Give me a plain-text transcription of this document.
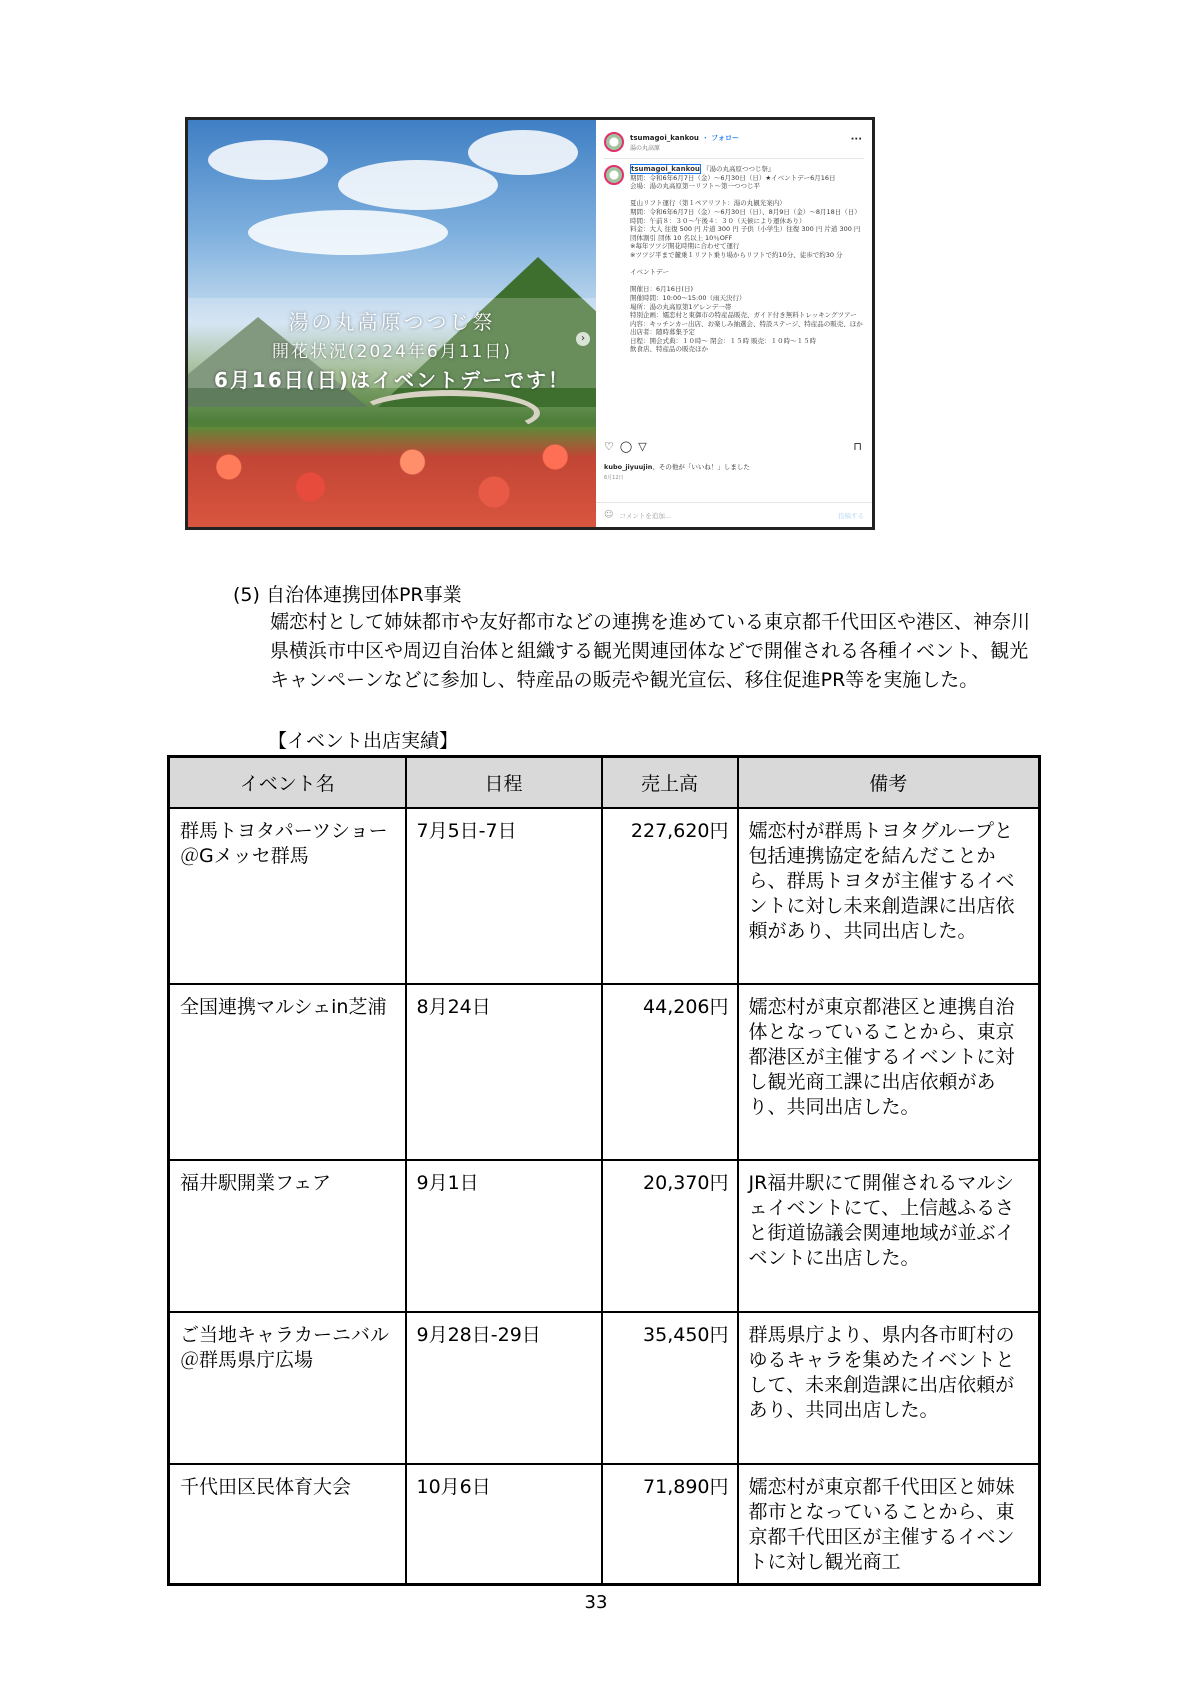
湯の丸高原つつじ祭
開花状況(2024年6月11日)
6月16日(日)はイベントデーです！
›
tsumagoi_kankou ・ フォロー
湯の丸高原
···
tsumagoi_kankou 『湯の丸高原つつじ祭』
期間：令和6年6月7日（金）～6月30日（日）★イベントデー6月16日
会場：湯の丸高原第一リフト～第一つつじ平

夏山リフト運行（第１ペアリフト：湯の丸観光案内）
期間：令和6年6月7日（金）～6月30日（日）、8月9日（金）～8月18日（日）
時間：午前８：３０～午後４：３０（天候により運休あり）
料金：大人 往復 500 円 片道 300 円 子供（小学生）往復 300 円 片道 300 円 団体割引 団体 10 名以上 10％OFF
※毎年ツツジ開花時期に合わせて運行
※ツツジ平まで麓乗１リフト乗り場からリフトで約10分、徒歩で約30 分

イベントデー

開催日：6月16日(日)
開催時間：10:00～15:00（雨天決行）
場所：湯の丸高原第1ゲレンデ一帯
特別企画：嬬恋村と東御市の特産品販売、ガイド付き無料トレッキングツアー
内容：キッチンカー出店、お楽しみ抽選会、特設ステージ、特産品の販売、ほか
出店者：随時募集予定
日程：開会式典：１０時～ 閉会：１５時 販売：１０時～１５時
飲食店、特産品の販売ほか
♡ ◯ ▽	⊓
kubo_jiyuujin、その他が「いいね！」しました
6月12日
☺ コメントを追加...	投稿する
(5) 自治体連携団体PR事業
嬬恋村として姉妹都市や友好都市などの連携を進めている東京都千代田区や港区、神奈川県横浜市中区や周辺自治体と組織する観光関連団体などで開催される各種イベント、観光キャンペーンなどに参加し、特産品の販売や観光宣伝、移住促進PR等を実施した。
【イベント出店実績】
イベント名	日程	売上高	備考
群馬トヨタパーツショー＠Gメッセ群馬	7月5日-7日	227,620円	嬬恋村が群馬トヨタグループと包括連携協定を結んだことから、群馬トヨタが主催するイベントに対し未来創造課に出店依頼があり、共同出店した。
全国連携マルシェin芝浦	8月24日	44,206円	嬬恋村が東京都港区と連携自治体となっていることから、東京都港区が主催するイベントに対し観光商工課に出店依頼があり、共同出店した。
福井駅開業フェア	9月1日	20,370円	JR福井駅にて開催されるマルシェイベントにて、上信越ふるさと街道協議会関連地域が並ぶイベントに出店した。
ご当地キャラカーニバル＠群馬県庁広場	9月28日-29日	35,450円	群馬県庁より、県内各市町村のゆるキャラを集めたイベントとして、未来創造課に出店依頼があり、共同出店した。
千代田区民体育大会	10月6日	71,890円	嬬恋村が東京都千代田区と姉妹都市となっていることから、東京都千代田区が主催するイベントに対し観光商工
33
